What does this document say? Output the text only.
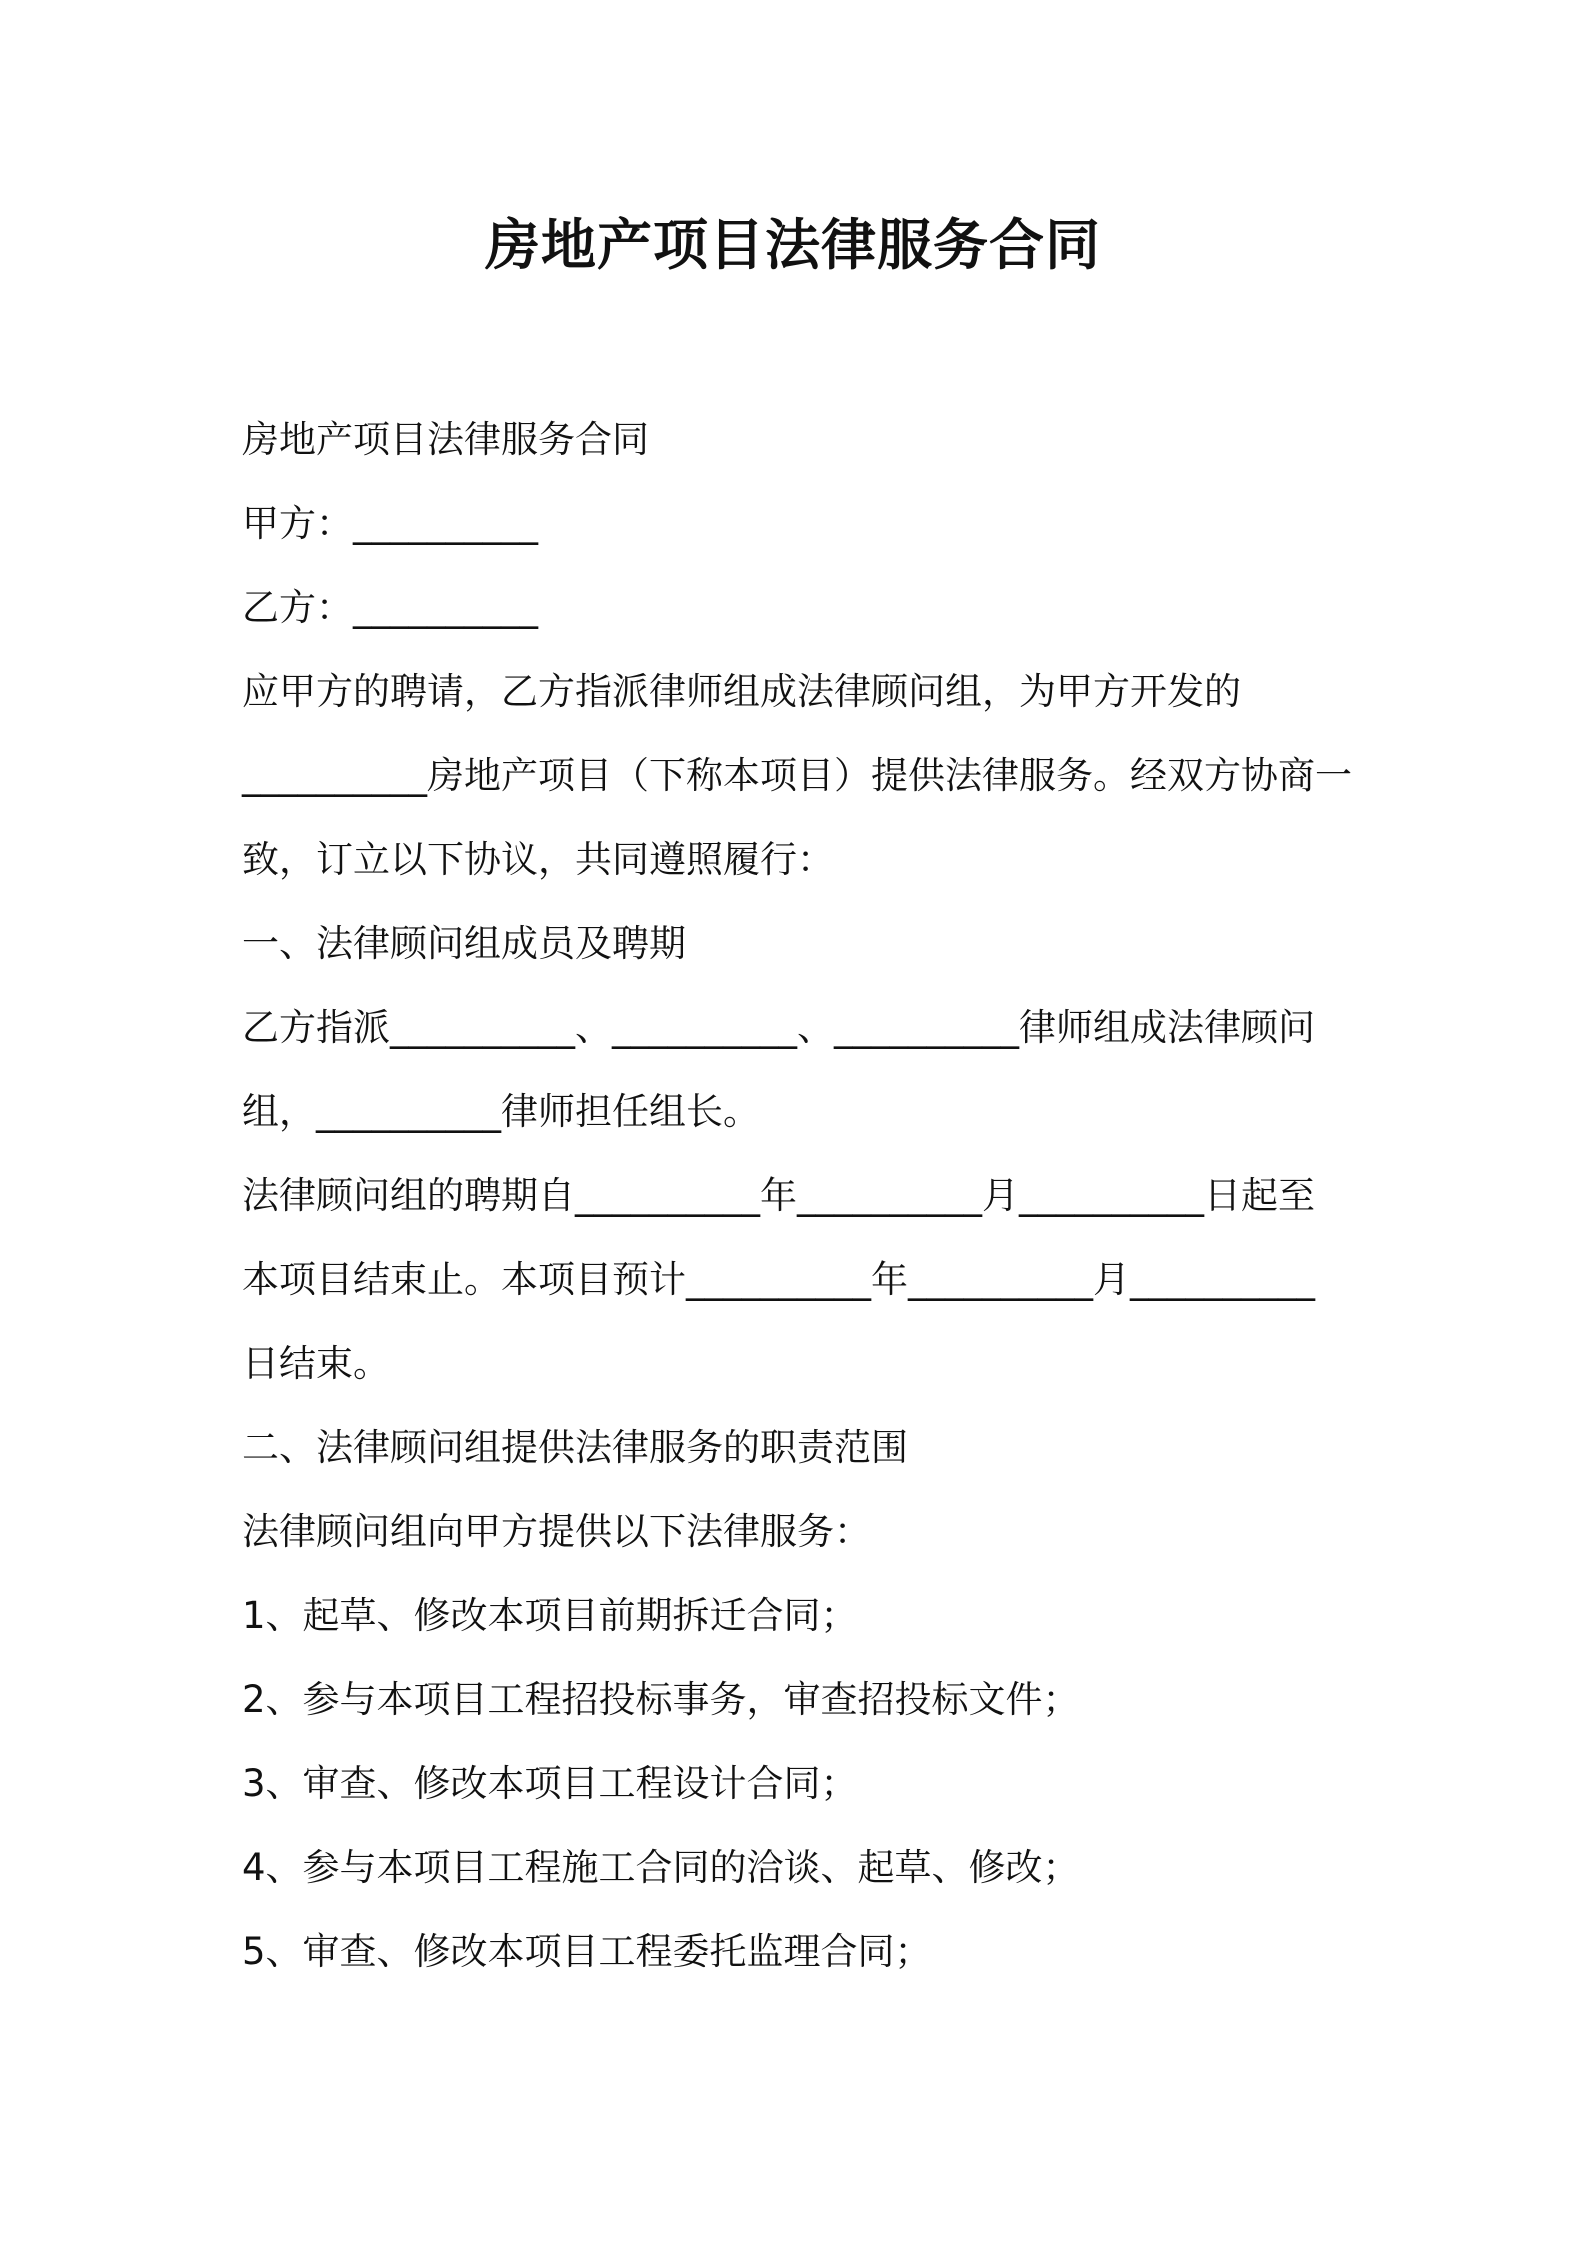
房地产项目法律服务合同

房地产项目法律服务合同

甲方：__________

乙方：__________

应甲方的聘请，乙方指派律师组成法律顾问组，为甲方开发的

__________房地产项目（下称本项目）提供法律服务。经双方协商一

致，订立以下协议，共同遵照履行：

一、法律顾问组成员及聘期

乙方指派__________、__________、__________律师组成法律顾问

组，__________律师担任组长。

法律顾问组的聘期自__________年__________月__________日起至

本项目结束止。本项目预计__________年__________月__________

日结束。

二、法律顾问组提供法律服务的职责范围

法律顾问组向甲方提供以下法律服务：

1、起草、修改本项目前期拆迁合同；

2、参与本项目工程招投标事务，审查招投标文件；

3、审查、修改本项目工程设计合同；

4、参与本项目工程施工合同的洽谈、起草、修改；

5、审查、修改本项目工程委托监理合同；
